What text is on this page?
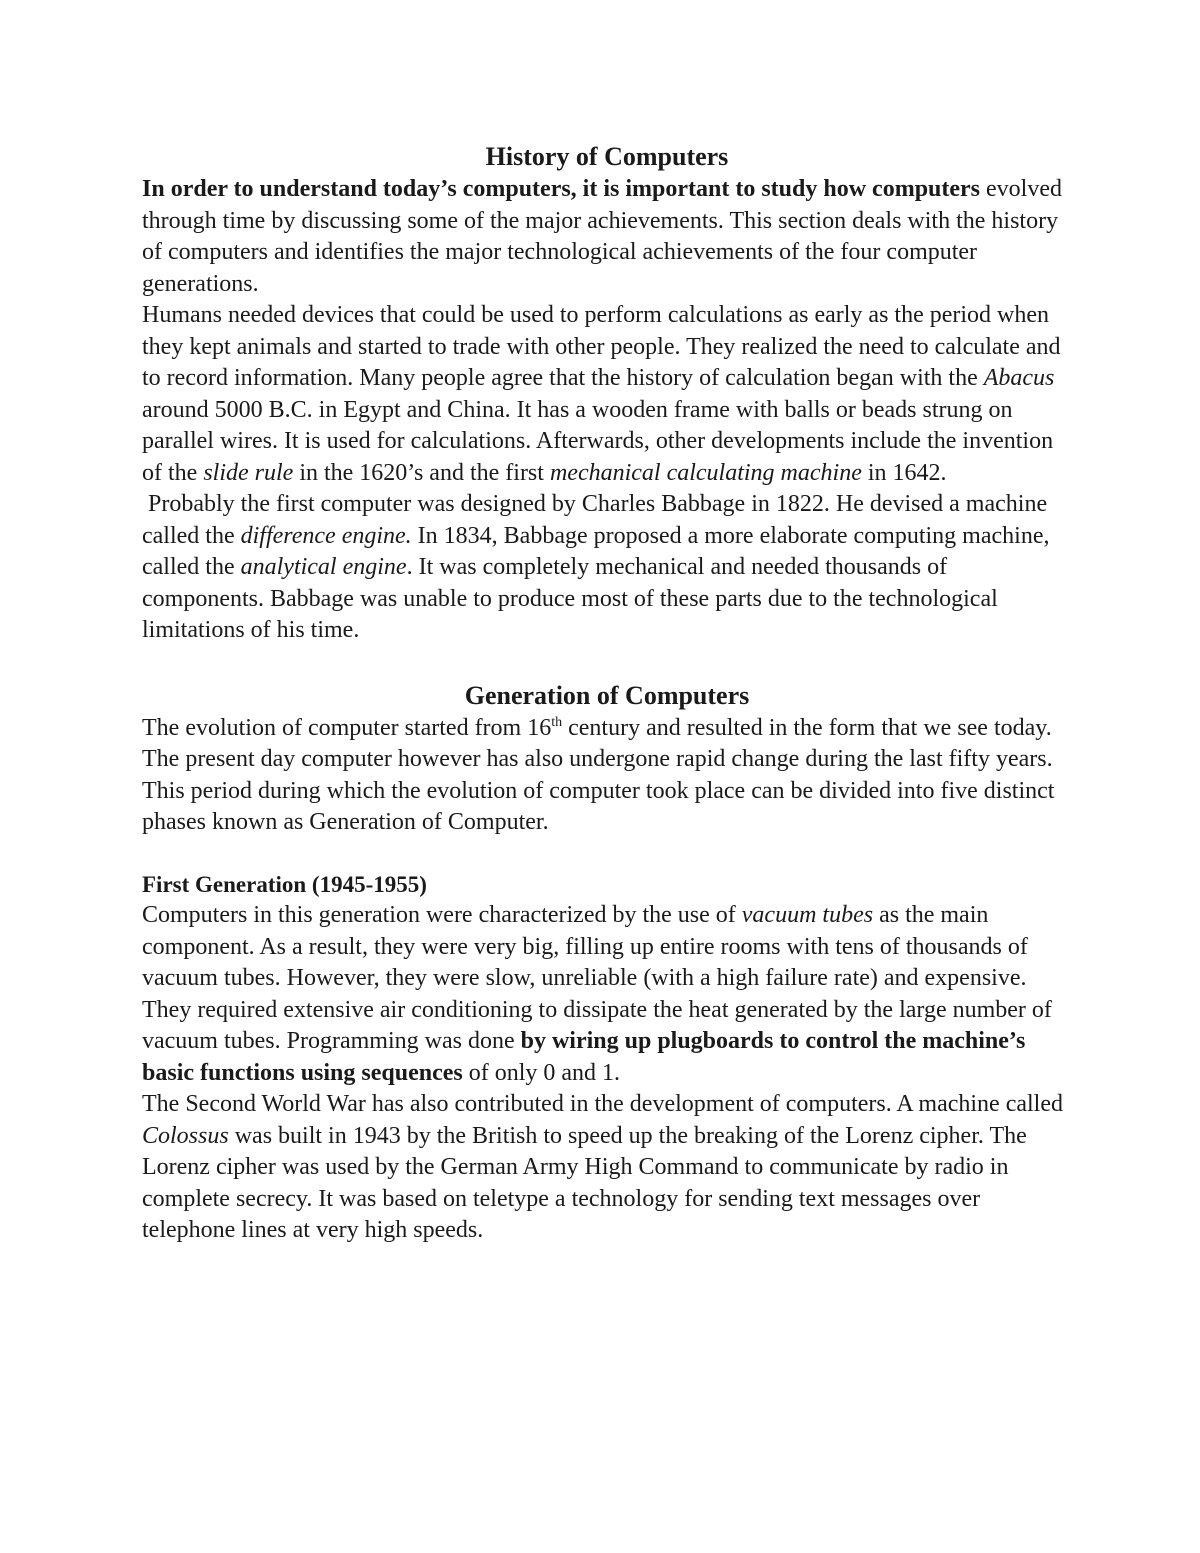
History of Computers

In order to understand today’s computers, it is important to study how computers evolved through time by discussing some of the major achievements. This section deals with the history of computers and identifies the major technological achievements of the four computer generations.

Humans needed devices that could be used to perform calculations as early as the period when they kept animals and started to trade with other people. They realized the need to calculate and to record information. Many people agree that the history of calculation began with the Abacus around 5000 B.C. in Egypt and China. It has a wooden frame with balls or beads strung on parallel wires. It is used for calculations. Afterwards, other developments include the invention of the slide rule in the 1620’s and the first mechanical calculating machine in 1642.

Probably the first computer was designed by Charles Babbage in 1822. He devised a machine called the difference engine. In 1834, Babbage proposed a more elaborate computing machine, called the analytical engine. It was completely mechanical and needed thousands of components. Babbage was unable to produce most of these parts due to the technological limitations of his time.

Generation of Computers

The evolution of computer started from 16th century and resulted in the form that we see today. The present day computer however has also undergone rapid change during the last fifty years. This period during which the evolution of computer took place can be divided into five distinct phases known as Generation of Computer.

First Generation (1945-1955)

Computers in this generation were characterized by the use of vacuum tubes as the main component. As a result, they were very big, filling up entire rooms with tens of thousands of vacuum tubes. However, they were slow, unreliable (with a high failure rate) and expensive. They required extensive air conditioning to dissipate the heat generated by the large number of vacuum tubes. Programming was done by wiring up plugboards to control the machine’s basic functions using sequences of only 0 and 1.

The Second World War has also contributed in the development of computers. A machine called Colossus was built in 1943 by the British to speed up the breaking of the Lorenz cipher. The Lorenz cipher was used by the German Army High Command to communicate by radio in complete secrecy. It was based on teletype a technology for sending text messages over telephone lines at very high speeds.
